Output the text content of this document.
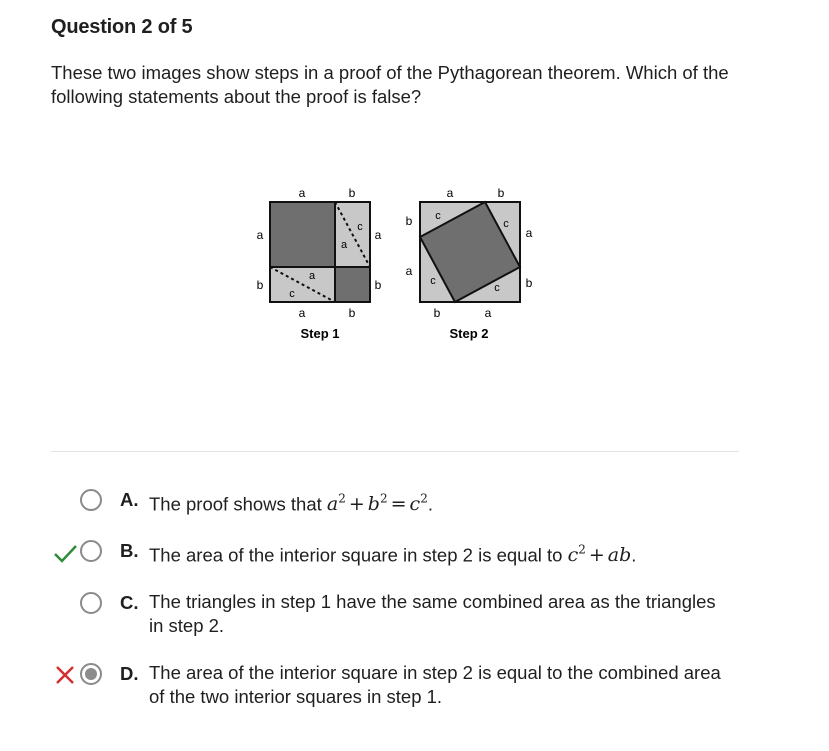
Question 2 of 5
These two images show steps in a proof of the Pythagorean theorem. Which of the following statements about the proof is false?
a	b
a
b
a
b
a	b
c
a
a
c
Step 1
a	b
b
a
a
b
b	a
c
c
c
c
Step 2
A. The proof shows that $a^2 + b^2 = c^2$.
B. The area of the interior square in step 2 is equal to $c^2$ + ab.
C. The triangles in step 1 have the same combined area as the triangles in step 2.
D. The area of the interior square in step 2 is equal to the combined area of the two interior squares in step 1.
